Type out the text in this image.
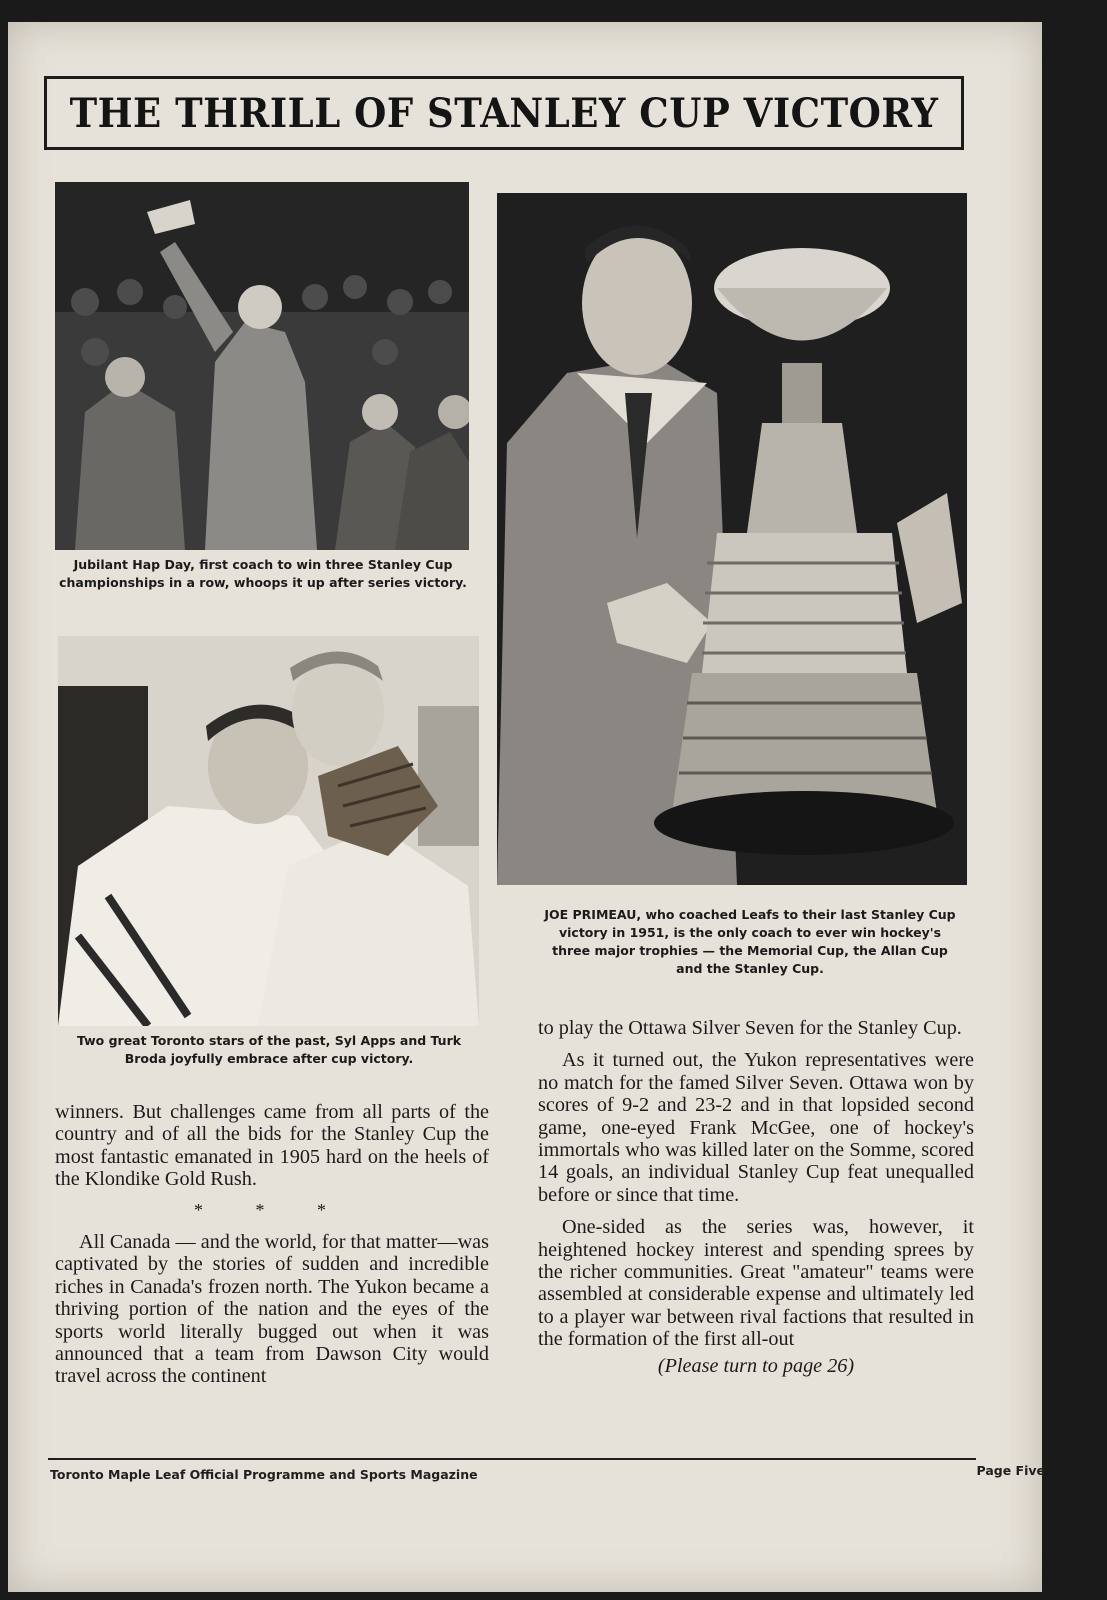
THE THRILL OF STANLEY CUP VICTORY
Jubilant Hap Day, first coach to win three Stanley Cup
championships in a row, whoops it up after series victory.
JOE PRIMEAU, who coached Leafs to their last Stanley Cup
victory in 1951, is the only coach to ever win hockey's
three major trophies — the Memorial Cup, the Allan Cup
and the Stanley Cup.
Two great Toronto stars of the past, Syl Apps and Turk
Broda joyfully embrace after cup victory.

winners. But challenges came from all parts of the country and of all the bids for the Stanley Cup the most fantastic emanated in 1905 hard on the heels of the Klondike Gold Rush.

* * *

All Canada — and the world, for that matter—was captivated by the stories of sudden and incredible riches in Canada's frozen north. The Yukon became a thriving portion of the nation and the eyes of the sports world literally bugged out when it was announced that a team from Dawson City would travel across the continent

to play the Ottawa Silver Seven for the Stanley Cup.

As it turned out, the Yukon representatives were no match for the famed Silver Seven. Ottawa won by scores of 9-2 and 23-2 and in that lopsided second game, one-eyed Frank McGee, one of hockey's immortals who was killed later on the Somme, scored 14 goals, an individual Stanley Cup feat unequalled before or since that time.

One-sided as the series was, however, it heightened hockey interest and spending sprees by the richer communities. Great "amateur" teams were assembled at considerable expense and ultimately led to a player war between rival factions that resulted in the formation of the first all-out

(Please turn to page 26)

Toronto Maple Leaf Official Programme and Sports Magazine	Page Five
